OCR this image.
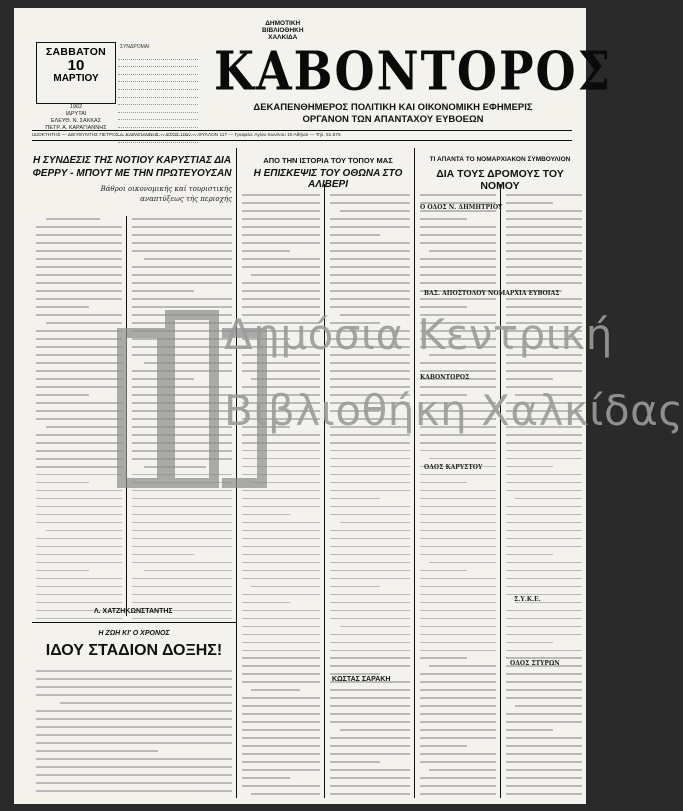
ΣΑΒΒΑΤΟΝ
10
ΜΑΡΤΙΟΥ
1962
ΙΔΡΥΤΑΙ
ΕΛΕΥΘ. Ν. ΣΑΚΚΑΣ
ΠΕΤΡ. Α. ΚΑΡΑΓΙΑΝΝΗΣ
ΣΥΝΔΡΟΜΑΙ
ΔΗΜΟΤΙΚΗ
ΒΙΒΛΙΟΘΗΚΗ
ΧΑΛΚΙΔΑ
ΚΑΒΟΝΤΟΡΟΣ
ΔΕΚΑΠΕΝΘΗΜΕΡΟΣ ΠΟΛΙΤΙΚΗ ΚΑΙ ΟΙΚΟΝΟΜΙΚΗ ΕΦΗΜΕΡΙΣ
ΟΡΓΑΝΟΝ ΤΩΝ ΑΠΑΝΤΑΧΟΥ ΕΥΒΟΕΩΝ
ΙΔΙΟΚΤΗΤΗΣ — ΔΙΕΥΘΥΝΤΗΣ ΠΕΤΡΟΣ Α. ΚΑΡΑΓΙΑΝΝΗΣ — ΕΤΟΣ 10ον — ΦΥΛΛΟΝ 117 — Γραφεία: Αγίου Κων/νου 10 Αθήναι — Τηλ. 51.575
Η ΣΥΝΔΕΣΙΣ ΤΗΣ ΝΟΤΙΟΥ ΚΑΡΥΣΤΙΑΣ ΔΙΑ ΦΕΡΡΥ - ΜΠΟΥΤ ΜΕ ΤΗΝ ΠΡΩΤΕΥΟΥΣΑΝ
Βάθροι οικονομικής καί τουριστικής αναπτύξεως τής περιοχής
ΑΠΟ ΤΗΝ ΙΣΤΟΡΙΑ ΤΟΥ ΤΟΠΟΥ ΜΑΣ
Η ΕΠΙΣΚΕΨΙΣ ΤΟΥ ΟΘΩΝΑ ΣΤΟ ΑΛΙΒΕΡΙ
ΤΙ ΑΠΑΝΤΑ ΤΟ ΝΟΜΑΡΧΙΑΚΟΝ ΣΥΜΒΟΥΛΙΟΝ
ΔΙΑ ΤΟΥΣ ΔΡΟΜΟΥΣ ΤΟΥ ΝΟΜΟΥ
Ο ΟΔΟΣ Ν. ΔΗΜΗΤΡΙΟΥ
ΒΑΣ. ΑΠΟΣΤΟΛΟΥ ΝΟΜΑΡΧΙΑ ΕΥΒΟΙΑΣ
ΚΑΒΟΝΤΟΡΟΣ
ΟΔΟΣ ΚΑΡΥΣΤΟΥ
ΟΔΟΣ ΣΤΥΡΩΝ
Σ.Υ.Κ.Ε.
Λ. ΧΑΤΖΗΚΩΝΣΤΑΝΤΗΣ
ΚΩΣΤΑΣ ΣΑΡΑΚΗ
Η ΖΩΗ ΚΙ' Ο ΧΡΟΝΟΣ
ΙΔΟΥ ΣΤΑΔΙΟΝ ΔΟΞΗΣ!
Δημόσια Κεντρική
Βιβλιοθήκη Χαλκίδας
